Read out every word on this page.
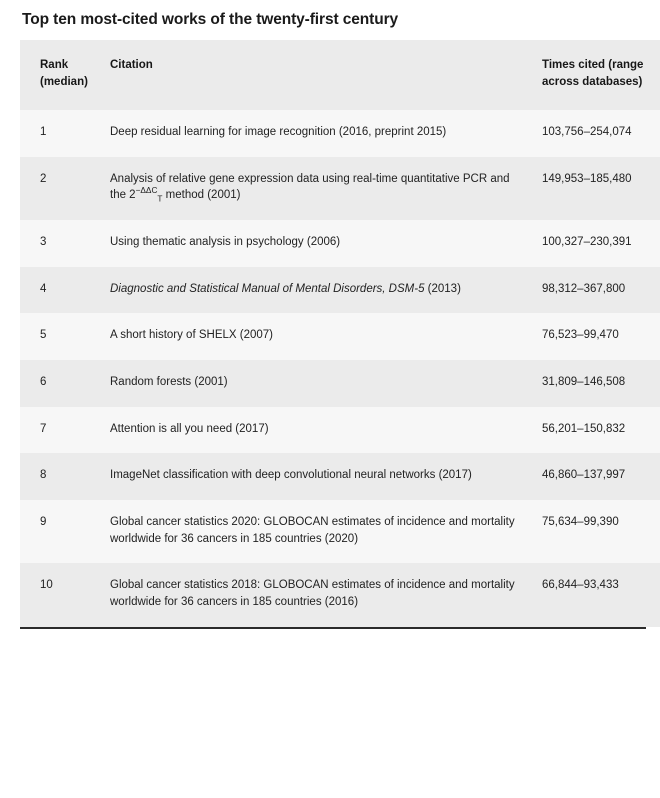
Top ten most-cited works of the twenty-first century
Rank
(median)	Citation	Times cited (range
across databases)
1	Deep residual learning for image recognition (2016, preprint 2015)	103,756–254,074
2	Analysis of relative gene expression data using real-time quantitative PCR and the $2^{-\Delta\Delta C}_T$ method (2001)	149,953–185,480
3	Using thematic analysis in psychology (2006)	100,327–230,391
4	Diagnostic and Statistical Manual of Mental Disorders, DSM-5 (2013)	98,312–367,800
5	A short history of SHELX (2007)	76,523–99,470
6	Random forests (2001)	31,809–146,508
7	Attention is all you need (2017)	56,201–150,832
8	ImageNet classification with deep convolutional neural networks (2017)	46,860–137,997
9	Global cancer statistics 2020: GLOBOCAN estimates of incidence and mortality worldwide for 36 cancers in 185 countries (2020)	75,634–99,390
10	Global cancer statistics 2018: GLOBOCAN estimates of incidence and mortality worldwide for 36 cancers in 185 countries (2016)	66,844–93,433
